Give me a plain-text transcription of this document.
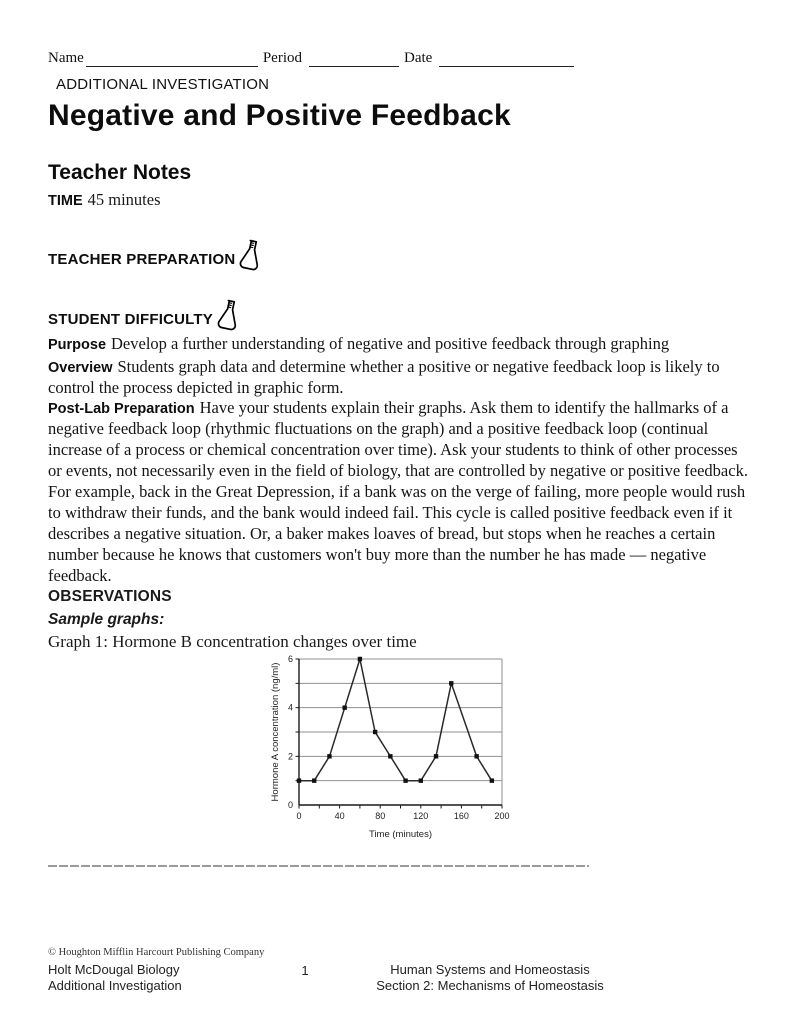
Name	Period	Date
ADDITIONAL INVESTIGATION
Negative and Positive Feedback
Teacher Notes

TIME 45 minutes

TEACHER PREPARATION
STUDENT DIFFICULTY

Purpose Develop a further understanding of negative and positive feedback through graphing

Overview Students graph data and determine whether a positive or negative feedback loop is likely to control the process depicted in graphic form.

Post-Lab Preparation Have your students explain their graphs. Ask them to identify the hallmarks of a negative feedback loop (rhythmic fluctuations on the graph) and a positive feedback loop (continual increase of a process or chemical concentration over time). Ask your students to think of other processes or events, not necessarily even in the field of biology, that are controlled by negative or positive feedback. For example, back in the Great Depression, if a bank was on the verge of failing, more people would rush to withdraw their funds, and the bank would indeed fail. This cycle is called positive feedback even if it describes a negative situation. Or, a baker makes loaves of bread, but stops when he reaches a certain number because he knows that customers won't buy more than the number he has made — negative feedback.

OBSERVATIONS
Sample graphs:

Graph 1: Hormone B concentration changes over time

0	40	80	120	160	200
0
2
4
6
Time (minutes)
Hormone A concentration (ng/ml)
© Houghton Mifflin Harcourt Publishing Company
Holt McDougal Biology
Additional Investigation
1	Human Systems and Homeostasis
Section 2: Mechanisms of Homeostasis
